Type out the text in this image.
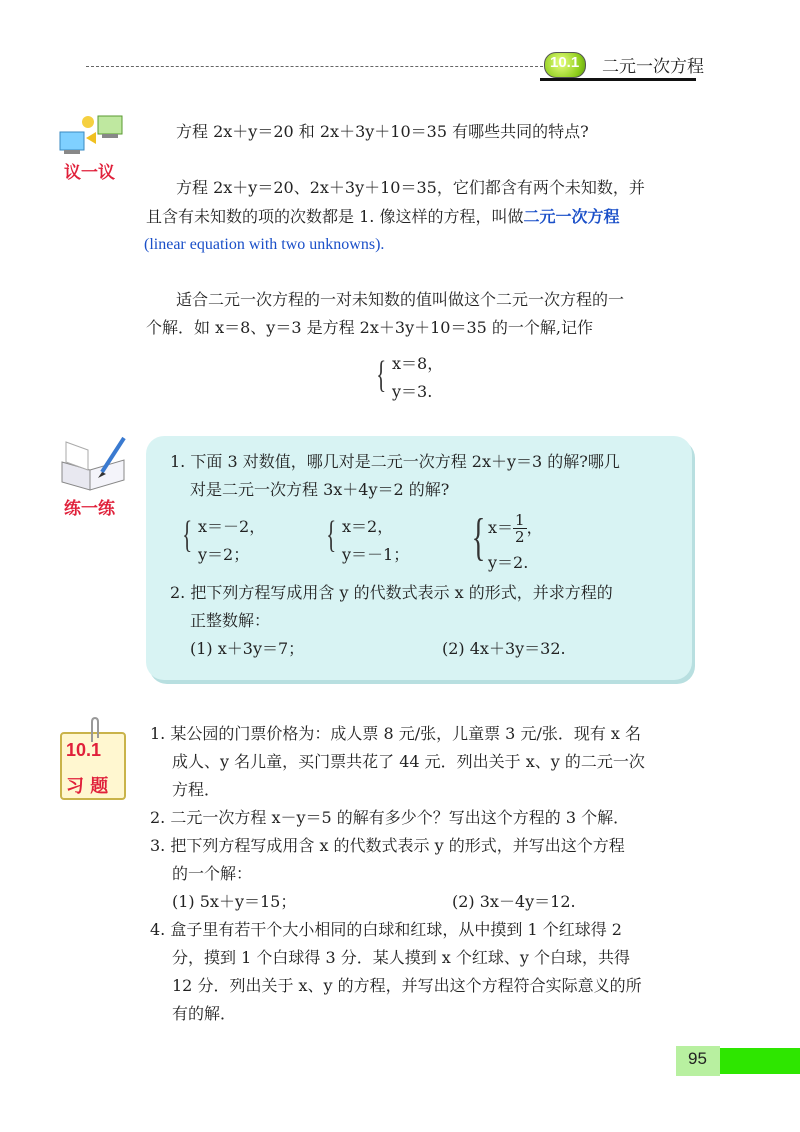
10.1 二元一次方程
议一议
方程 2x＋y＝20 和 2x＋3y＋10＝35 有哪些共同的特点?
方程 2x＋y＝20、2x＋3y＋10＝35，它们都含有两个未知数，并
且含有未知数的项的次数都是 1. 像这样的方程，叫做二元一次方程
(linear equation with two unknowns).
适合二元一次方程的一对未知数的值叫做这个二元一次方程的一
个解．如 x＝8、y＝3 是方程 2x＋3y＋10＝35 的一个解,记作
{ x＝8，
y＝3.
练一练
1. 下面 3 对数值，哪几对是二元一次方程 2x＋y＝3 的解?哪几
对是二元一次方程 3x＋4y＝2 的解?
{ x＝－2，
y＝2； { x＝2，
y＝－1； { $x= \frac{1}{2}$ ，
y＝2.
2. 把下列方程写成用含 y 的代数式表示 x 的形式，并求方程的
正整数解：
(1) x＋3y＝7；	(2) 4x＋3y＝32.
10.1
习 题
1. 某公园的门票价格为：成人票 8 元/张，儿童票 3 元/张．现有 x 名
成人、y 名儿童，买门票共花了 44 元．列出关于 x、y 的二元一次
方程．
2. 二元一次方程 x－y＝5 的解有多少个？写出这个方程的 3 个解．
3. 把下列方程写成用含 x 的代数式表示 y 的形式，并写出这个方程
的一个解：
(1) 5x＋y＝15；	(2) 3x－4y＝12.
4. 盒子里有若干个大小相同的白球和红球，从中摸到 1 个红球得 2
分，摸到 1 个白球得 3 分．某人摸到 x 个红球、y 个白球，共得
12 分．列出关于 x、y 的方程，并写出这个方程符合实际意义的所
有的解．
95
